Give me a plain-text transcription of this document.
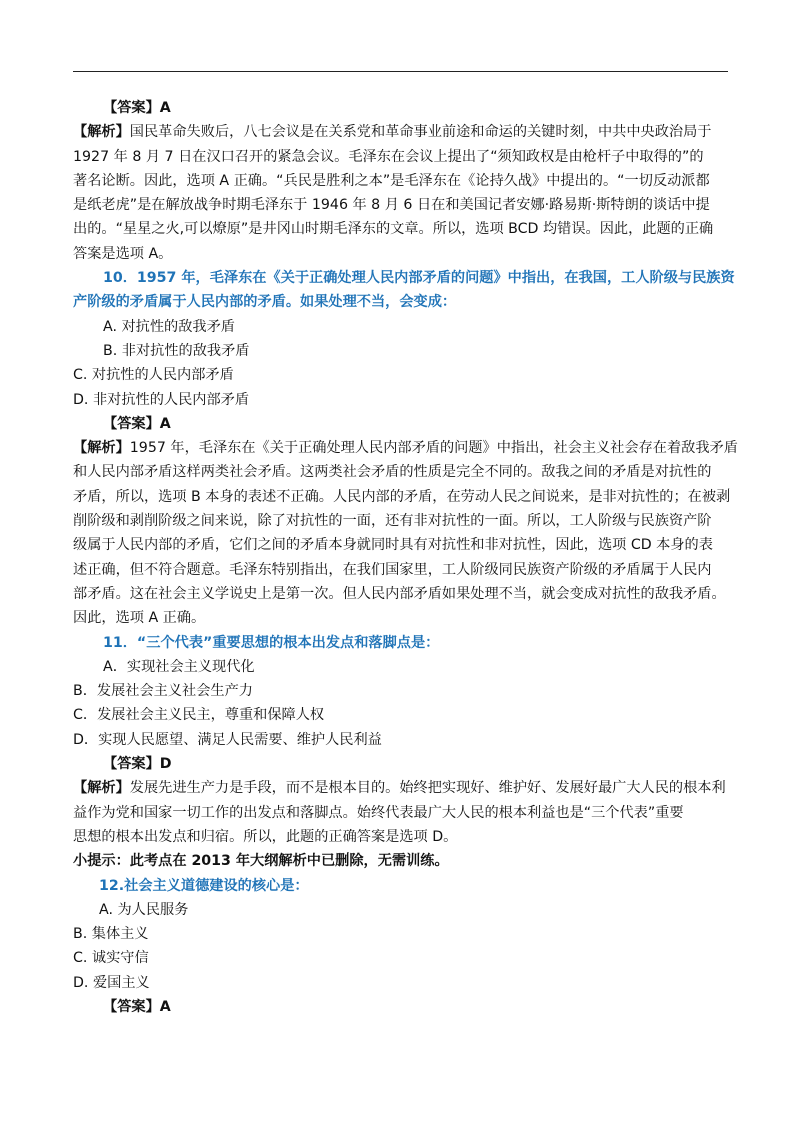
【答案】A
【解析】国民革命失败后，八七会议是在关系党和革命事业前途和命运的关键时刻，中共中央政治局于
1927 年 8 月 7 日在汉口召开的紧急会议。毛泽东在会议上提出了“须知政权是由枪杆子中取得的”的
著名论断。因此，选项 A 正确。“兵民是胜利之本”是毛泽东在《论持久战》中提出的。“一切反动派都
是纸老虎”是在解放战争时期毛泽东于 1946 年 8 月 6 日在和美国记者安娜·路易斯·斯特朗的谈话中提
出的。“星星之火,可以燎原”是井冈山时期毛泽东的文章。所以，选项 BCD 均错误。因此，此题的正确
答案是选项 A。
10．1957 年，毛泽东在《关于正确处理人民内部矛盾的问题》中指出，在我国，工人阶级与民族资
产阶级的矛盾属于人民内部的矛盾。如果处理不当，会变成：
A. 对抗性的敌我矛盾
B. 非对抗性的敌我矛盾
C. 对抗性的人民内部矛盾
D. 非对抗性的人民内部矛盾
【答案】A
【解析】1957 年，毛泽东在《关于正确处理人民内部矛盾的问题》中指出，社会主义社会存在着敌我矛盾
和人民内部矛盾这样两类社会矛盾。这两类社会矛盾的性质是完全不同的。敌我之间的矛盾是对抗性的
矛盾，所以，选项 B 本身的表述不正确。人民内部的矛盾，在劳动人民之间说来，是非对抗性的；在被剥
削阶级和剥削阶级之间来说，除了对抗性的一面，还有非对抗性的一面。所以，工人阶级与民族资产阶
级属于人民内部的矛盾，它们之间的矛盾本身就同时具有对抗性和非对抗性，因此，选项 CD 本身的表
述正确，但不符合题意。毛泽东特别指出，在我们国家里，工人阶级同民族资产阶级的矛盾属于人民内
部矛盾。这在社会主义学说史上是第一次。但人民内部矛盾如果处理不当，就会变成对抗性的敌我矛盾。
因此，选项 A 正确。
11．“三个代表”重要思想的根本出发点和落脚点是：
A．实现社会主义现代化
B．发展社会主义社会生产力
C．发展社会主义民主，尊重和保障人权
D．实现人民愿望、满足人民需要、维护人民利益
【答案】D
【解析】发展先进生产力是手段，而不是根本目的。始终把实现好、维护好、发展好最广大人民的根本利
益作为党和国家一切工作的出发点和落脚点。始终代表最广大人民的根本利益也是“三个代表”重要
思想的根本出发点和归宿。所以，此题的正确答案是选项 D。
小提示：此考点在 2013 年大纲解析中已删除，无需训练。
12.社会主义道德建设的核心是：
A. 为人民服务
B. 集体主义
C. 诚实守信
D. 爱国主义
【答案】A
